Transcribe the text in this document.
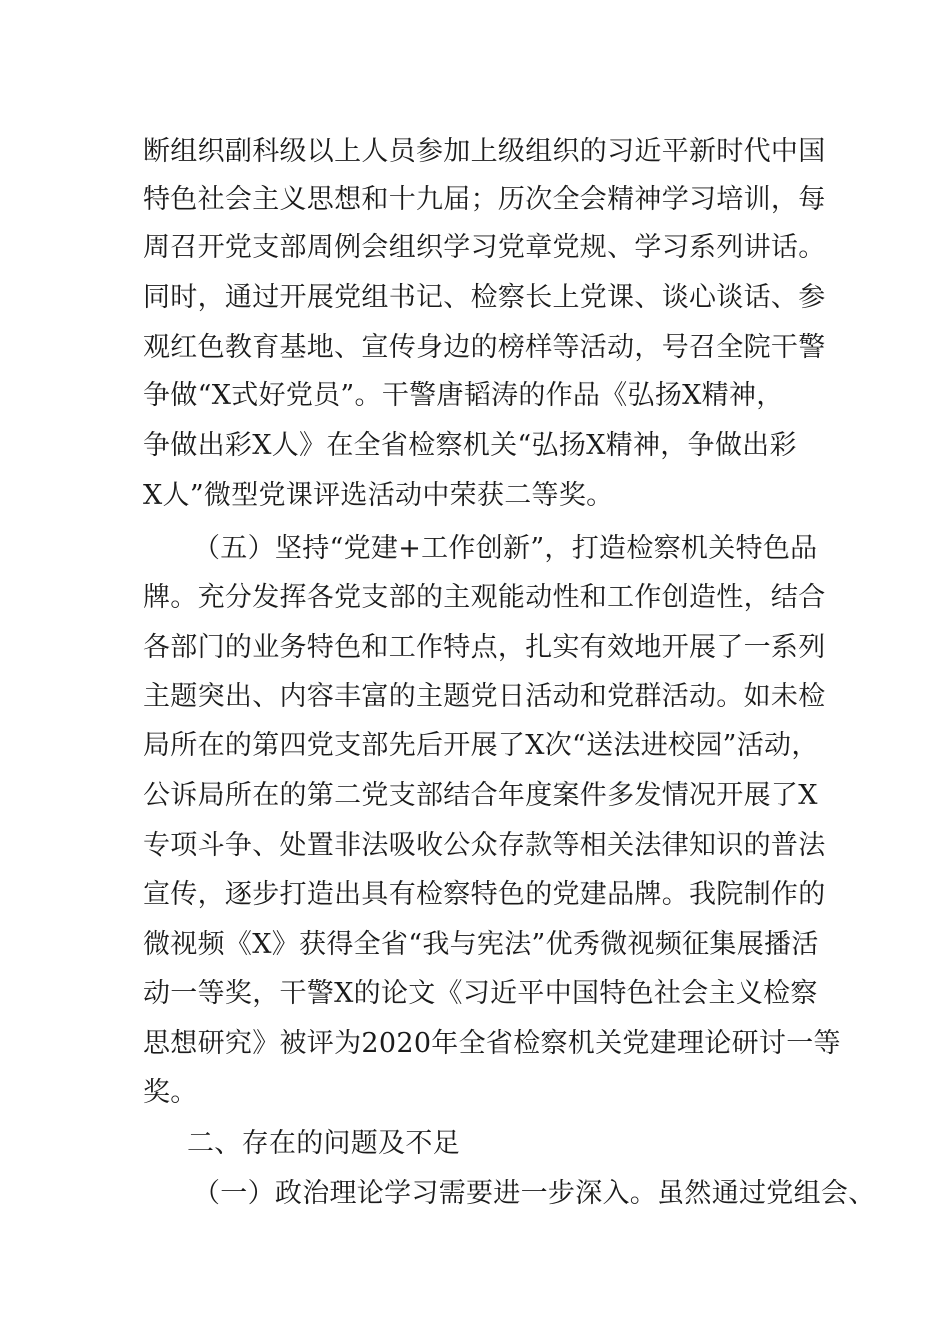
断组织副科级以上人员参加上级组织的习近平新时代中国
特色社会主义思想和十九届；历次全会精神学习培训，每
周召开党支部周例会组织学习党章党规、学习系列讲话。
同时，通过开展党组书记、检察长上党课、谈心谈话、参
观红色教育基地、宣传身边的榜样等活动，号召全院干警
争做“X式好党员”。干警唐韬涛的作品《弘扬X精神，
争做出彩X人》在全省检察机关“弘扬X精神，争做出彩
X人”微型党课评选活动中荣获二等奖。
（五）坚持“党建+工作创新”，打造检察机关特色品
牌。充分发挥各党支部的主观能动性和工作创造性，结合
各部门的业务特色和工作特点，扎实有效地开展了一系列
主题突出、内容丰富的主题党日活动和党群活动。如未检
局所在的第四党支部先后开展了X次“送法进校园”活动，
公诉局所在的第二党支部结合年度案件多发情况开展了X
专项斗争、处置非法吸收公众存款等相关法律知识的普法
宣传，逐步打造出具有检察特色的党建品牌。我院制作的
微视频《X》获得全省“我与宪法”优秀微视频征集展播活
动一等奖，干警X的论文《习近平中国特色社会主义检察
思想研究》被评为2020年全省检察机关党建理论研讨一等
奖。
二、存在的问题及不足
（一）政治理论学习需要进一步深入。虽然通过党组会、
